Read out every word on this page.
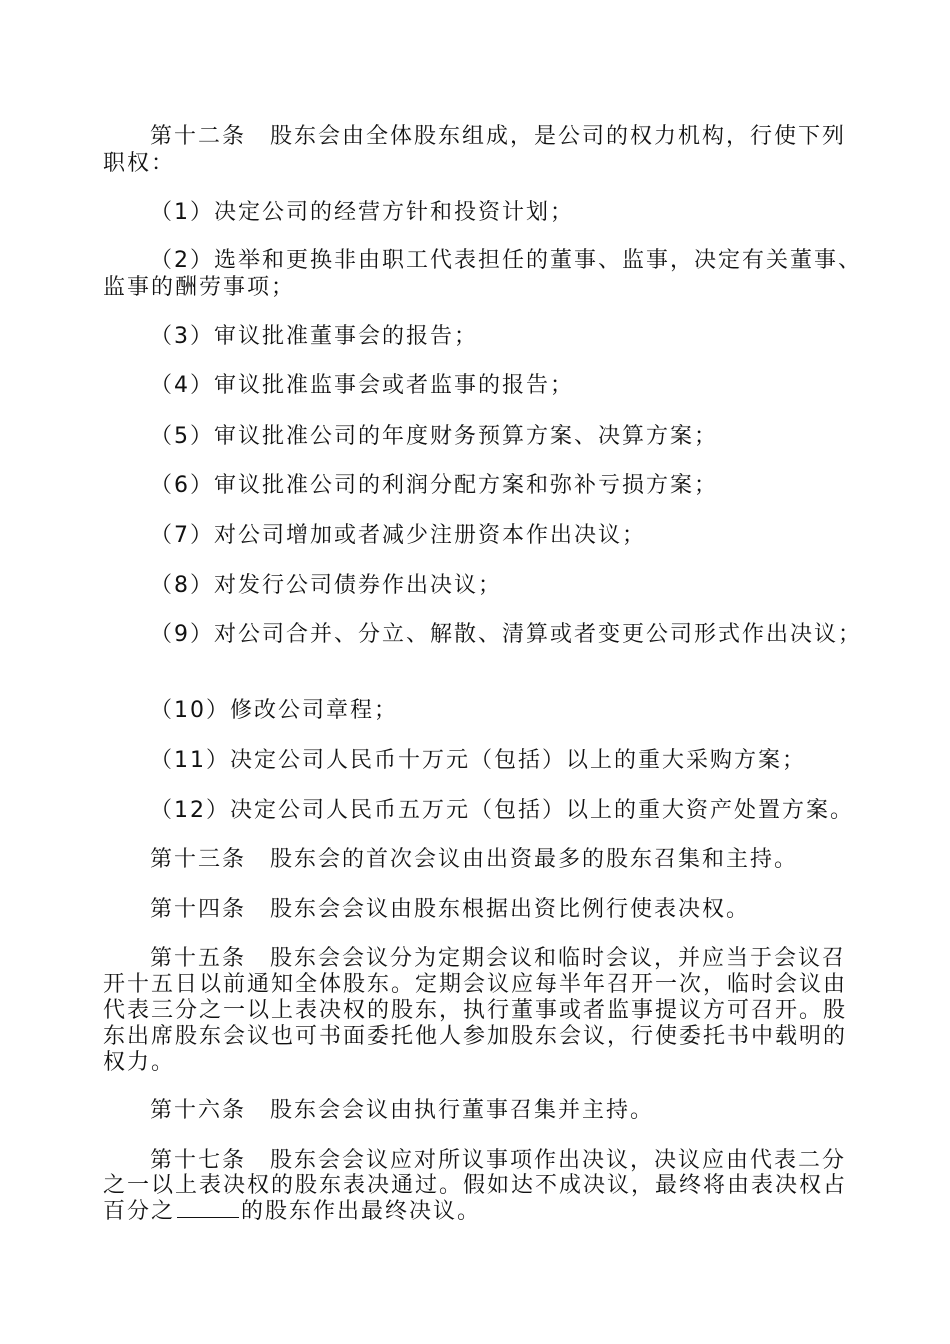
第十二条　股东会由全体股东组成，是公司的权力机构，行使下列
职权：
（1）决定公司的经营方针和投资计划；
（2）选举和更换非由职工代表担任的董事、监事，决定有关董事、
监事的酬劳事项；
（3）审议批准董事会的报告；
（4）审议批准监事会或者监事的报告；
（5）审议批准公司的年度财务预算方案、决算方案；
（6）审议批准公司的利润分配方案和弥补亏损方案；
（7）对公司增加或者减少注册资本作出决议；
（8）对发行公司债券作出决议；
（9）对公司合并、分立、解散、清算或者变更公司形式作出决议；
（10）修改公司章程；
（11）决定公司人民币十万元（包括）以上的重大采购方案；
（12）决定公司人民币五万元（包括）以上的重大资产处置方案。
第十三条　股东会的首次会议由出资最多的股东召集和主持。
第十四条　股东会会议由股东根据出资比例行使表决权。
第十五条　股东会会议分为定期会议和临时会议，并应当于会议召
开十五日以前通知全体股东。定期会议应每半年召开一次，临时会议由
代表三分之一以上表决权的股东，执行董事或者监事提议方可召开。股
东出席股东会议也可书面委托他人参加股东会议，行使委托书中载明的
权力。
第十六条　股东会会议由执行董事召集并主持。
第十七条　股东会会议应对所议事项作出决议，决议应由代表二分
之一以上表决权的股东表决通过。假如达不成决议，最终将由表决权占
百分之	的股东作出最终决议。
